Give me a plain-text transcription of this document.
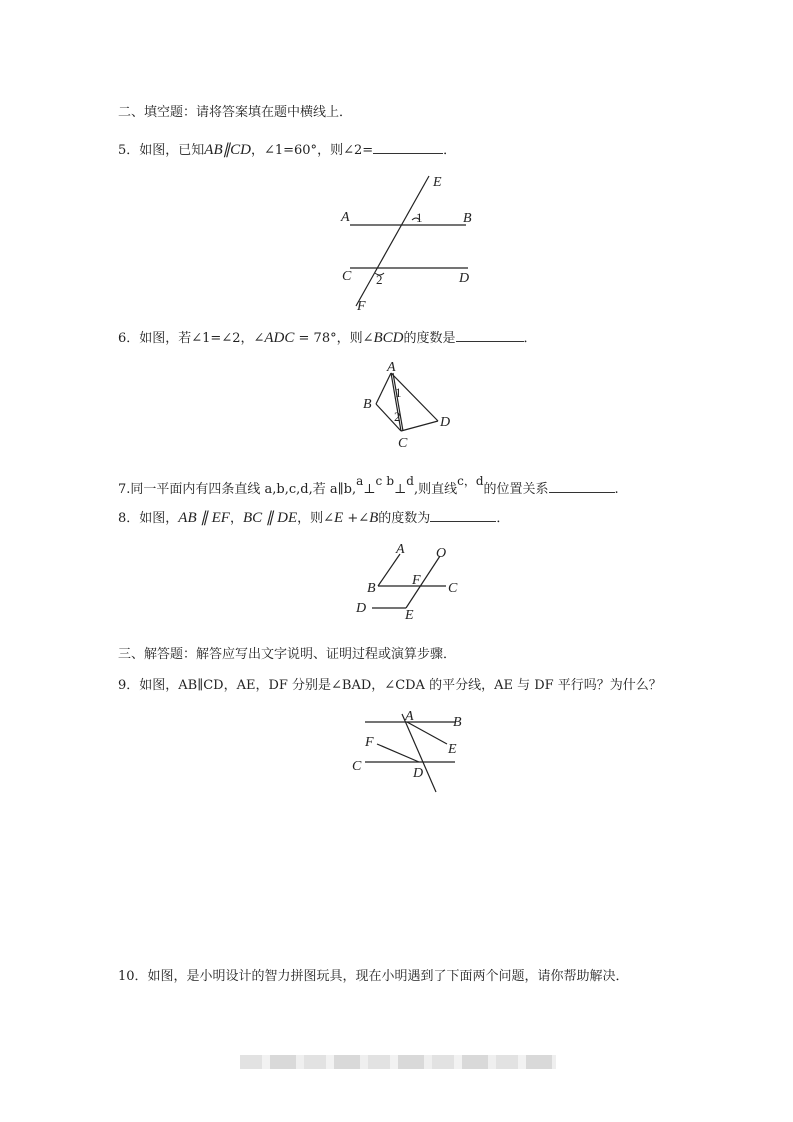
二、填空题：请将答案填在题中横线上．
5．如图，已知AB∥CD，∠1=60°，则∠2=	．
E
A	1	B
C 2	D
F
6．如图，若∠1=∠2，∠ADC = 78°，则∠BCD的度数是	．
A
1
B
2	D
C
7.同一平面内有四条直线 a,b,c,d,若 a∥b,a⊥c b⊥d,则直线c，d的位置关系	.
8．如图，AB ∥ EF，BC ∥ DE，则∠E +∠B的度数为	．
A O
B
F
C
D	E
三、解答题：解答应写出文字说明、证明过程或演算步骤．
9．如图，AB∥CD，AE，DF 分别是∠BAD，∠CDA 的平分线，AE 与 DF 平行吗？为什么？
A	B
F	E
C	D
10．如图，是小明设计的智力拼图玩具，现在小明遇到了下面两个问题，请你帮助解决．
